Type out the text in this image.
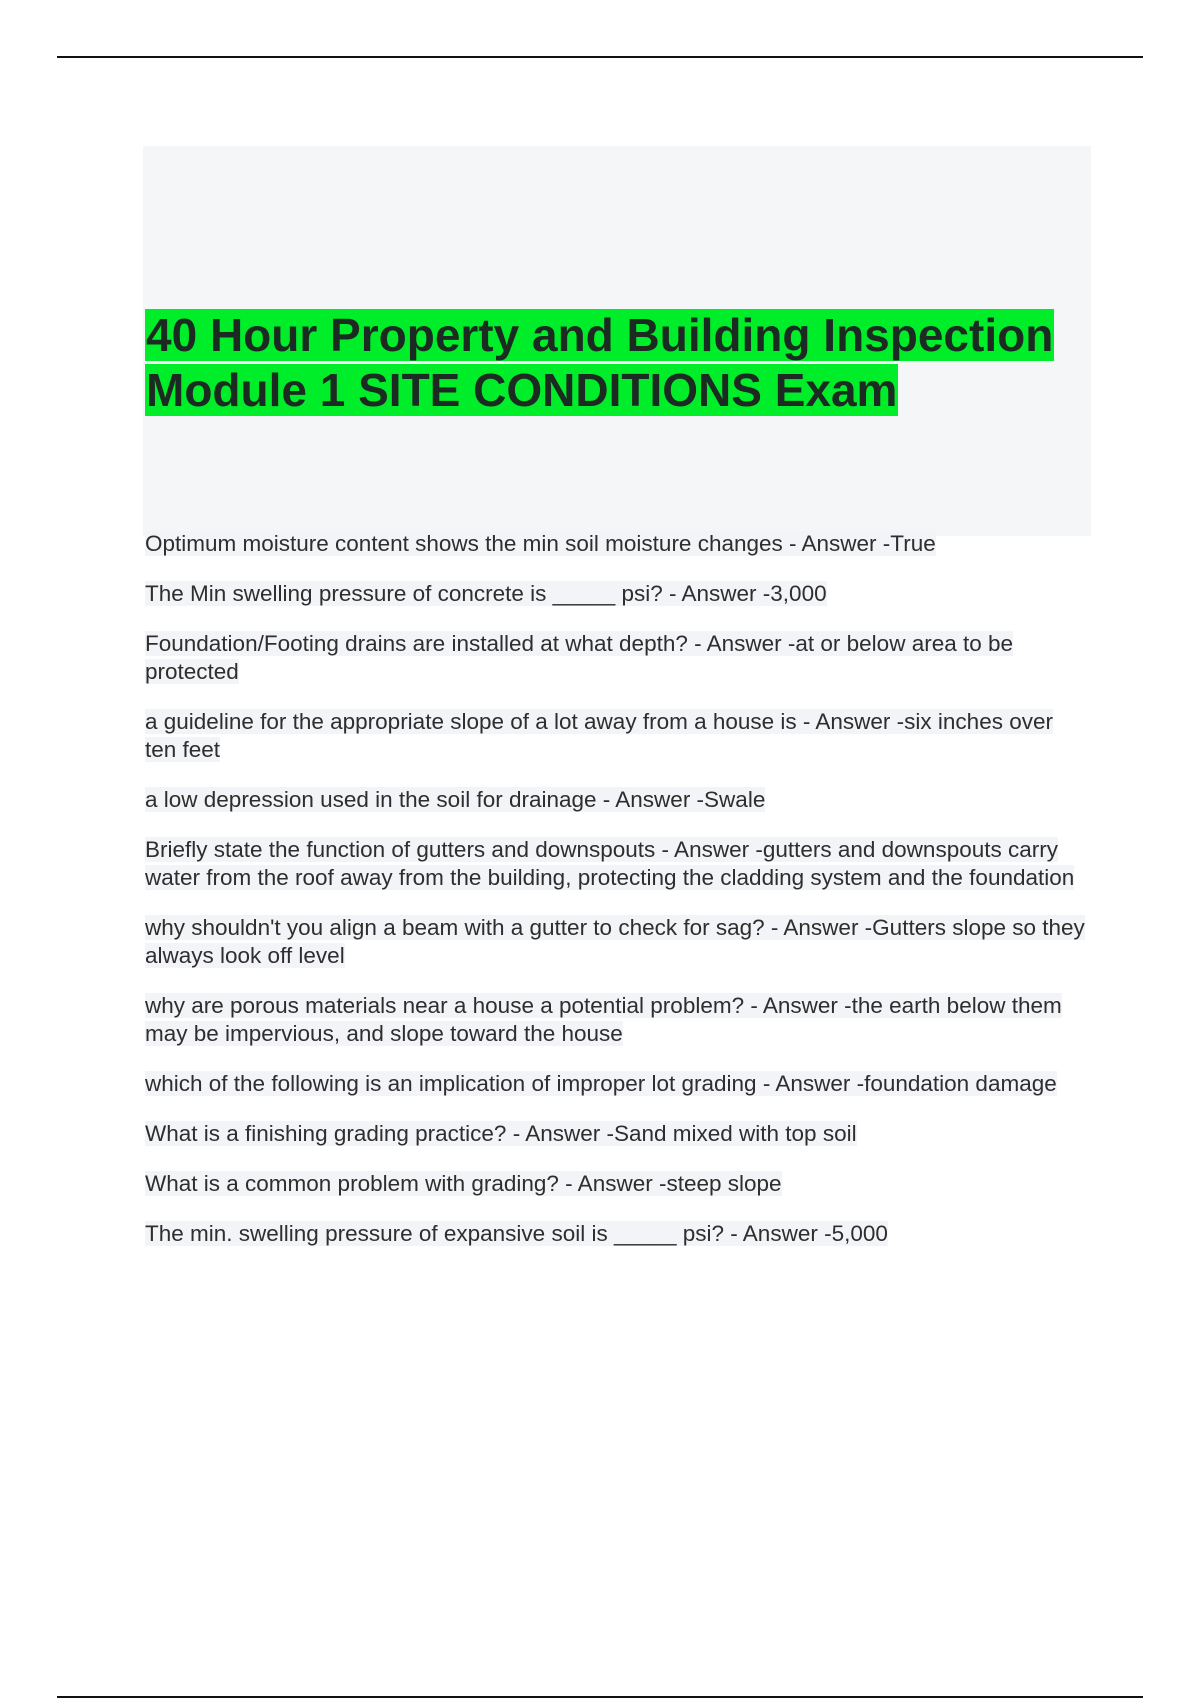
40 Hour Property and Building Inspection Module 1 SITE CONDITIONS Exam

Optimum moisture content shows the min soil moisture changes - Answer -True

The Min swelling pressure of concrete is _____ psi? - Answer -3,000

Foundation/Footing drains are installed at what depth? - Answer -at or below area to be protected

a guideline for the appropriate slope of a lot away from a house is - Answer -six inches over ten feet

a low depression used in the soil for drainage - Answer -Swale

Briefly state the function of gutters and downspouts - Answer -gutters and downspouts carry water from the roof away from the building, protecting the cladding system and the foundation

why shouldn't you align a beam with a gutter to check for sag? - Answer -Gutters slope so they always look off level

why are porous materials near a house a potential problem? - Answer -the earth below them may be impervious, and slope toward the house

which of the following is an implication of improper lot grading - Answer -foundation damage

What is a finishing grading practice? - Answer -Sand mixed with top soil

What is a common problem with grading? - Answer -steep slope

The min. swelling pressure of expansive soil is _____ psi? - Answer -5,000
